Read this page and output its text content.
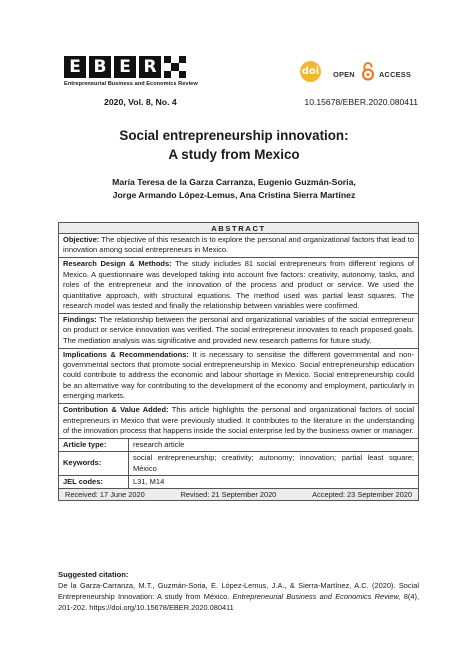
E B E R
Entrepreneurial Business and Economics Review
doi OPEN	ACCESS
2020, Vol. 8, No. 4	10.15678/EBER.2020.080411
Social entrepreneurship innovation:
A study from Mexico
María Teresa de la Garza Carranza, Eugenio Guzmán-Soria,
Jorge Armando López-Lemus, Ana Cristina Sierra Martínez
ABSTRACT
Objective: The objective of this research is to explore the personal and organizational factors that lead to innovation among social entrepreneurs in Mexico.
Research Design & Methods: The study includes 81 social entrepreneurs from different regions of Mexico. A questionnaire was developed taking into account five factors: creativity, autonomy, tasks, and roles of the entrepreneur and the innovation of the process and product or service. We used the quantitative approach, with structural equations. The method used was partial least squares. The research model was tested and finally the relationship between variables were confirmed.
Findings: The relationship between the personal and organizational variables of the social entrepreneur on product or service innovation was verified. The social entrepreneur innovates to reach proposed goals. The mediation analysis was significative and provided new research patterns for future study.
Implications & Recommendations: It is necessary to sensitise the different governmental and non-governmental sectors that promote social entrepreneurship in Mexico. Social entrepreneurship education could contribute to address the economic and labour shortage in Mexico. Social entrepreneurship could be an alternative way for contributing to the development of the economy and employment, particularly in emerging markets.
Contribution & Value Added: This article highlights the personal and organizational factors of social entrepreneurs in Mexico that were previously studied. It contributes to the literature in the understanding of the innovation process that happens inside the social enterprise led by the business owner or manager.
Article type:	research article
Keywords:
social entrepreneurship; creativity; autonomy; innovation; partial least square; México
JEL codes:	L31, M14
Received: 17 June 2020	Revised: 21 September 2020	Accepted: 23 September 2020
Suggested citation:
De la Garza-Carranza, M.T., Guzmán-Soria, E. López-Lemus, J.A., & Sierra-Martínez, A.C. (2020). Social Entrepreneurship Innovation: A study from México. Entrepreneurial Business and Economics Review, 8(4), 201-202. https://doi.org/10.15678/EBER.2020.080411
